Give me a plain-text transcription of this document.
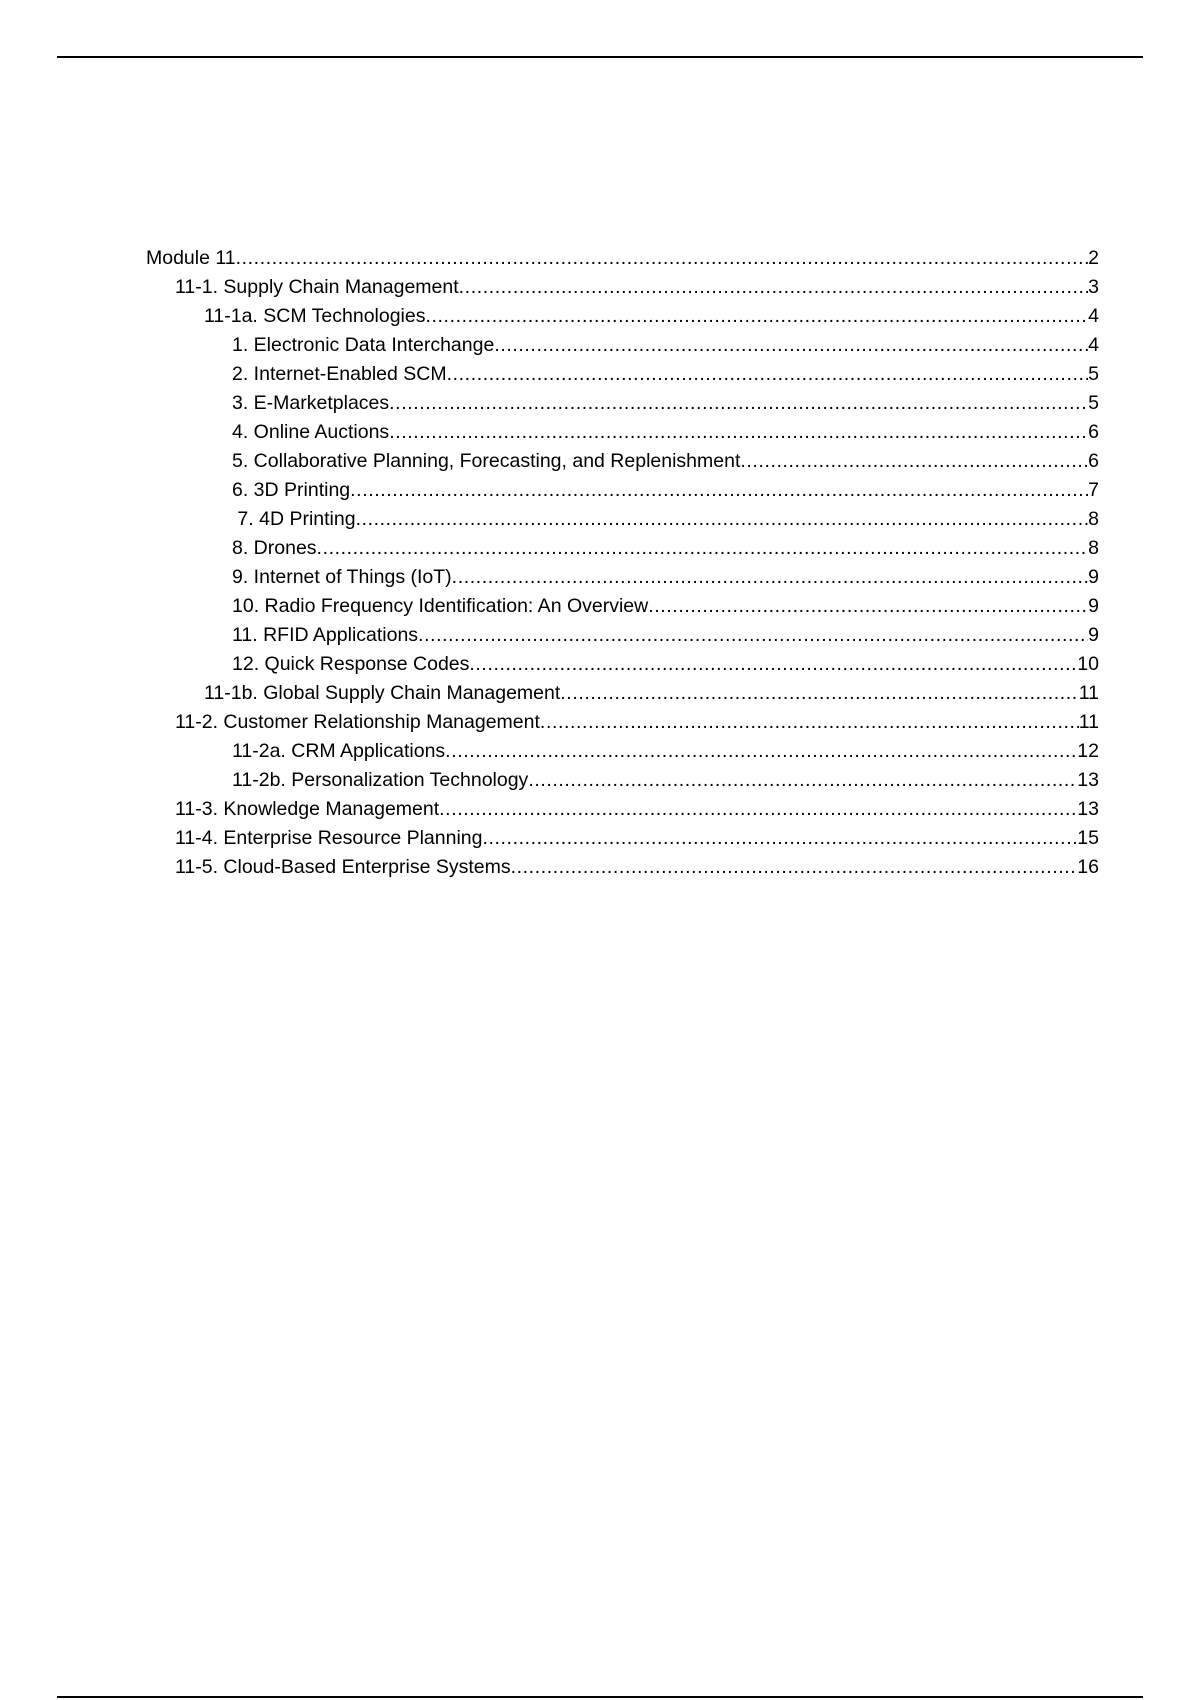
Module 11 .....	2
11-1. Supply Chain Management .....	3
11-1a. SCM Technologies .....	4
1. Electronic Data Interchange .....	4
2. Internet-Enabled SCM .....	5
3. E-Marketplaces .....	5
4. Online Auctions .....	6
5. Collaborative Planning, Forecasting, and Replenishment .....	6
6. 3D Printing .....	7
7. 4D Printing .....	8
8. Drones .....	8
9. Internet of Things (IoT) .....	9
10. Radio Frequency Identification: An Overview .....	9
11. RFID Applications .....	9
12. Quick Response Codes .....	10
11-1b. Global Supply Chain Management .....	11
11-2. Customer Relationship Management .....	11
11-2a. CRM Applications .....	12
11-2b. Personalization Technology .....	13
11-3. Knowledge Management .....	13
11-4. Enterprise Resource Planning .....	15
11-5. Cloud-Based Enterprise Systems .....	16
